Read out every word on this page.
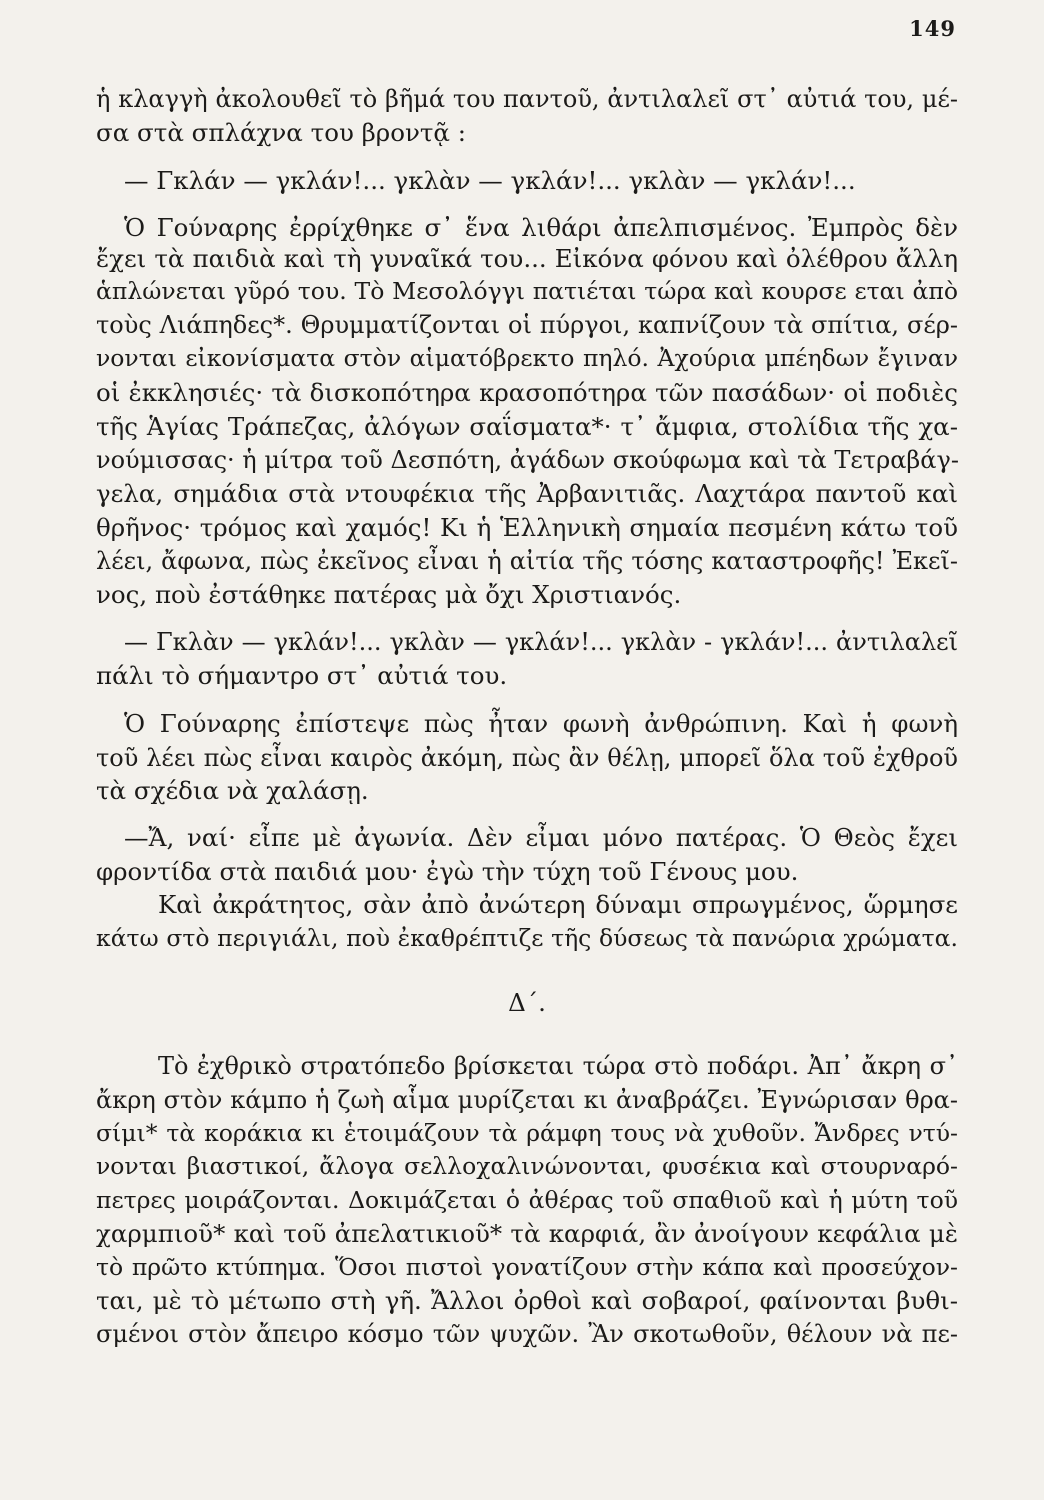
149
ἡ κλαγγὴ ἀκολουθεῖ τὸ βῆμά του παντοῦ, ἀντιλαλεῖ στ᾽ αὐτιά του, μέ-
σα στὰ σπλάχνα του βροντᾷ :
— Γκλάν — γκλάν!... γκλὰν — γκλάν!... γκλὰν — γκλάν!...
Ὁ Γούναρης ἐρρίχθηκε σ᾽ ἕνα λιθάρι ἀπελπισμένος. Ἐμπρὸς δὲν
ἔχει τὰ παιδιὰ καὶ τὴ γυναῖκά του... Εἰκόνα φόνου καὶ ὀλέθρου ἄλλη
ἁπλώνεται γῦρό του. Τὸ Μεσολόγγι πατιέται τώρα καὶ κουρσε εται ἀπὸ
τοὺς Λιάπηδες*. Θρυμματίζονται οἱ πύργοι, καπνίζουν τὰ σπίτια, σέρ-
νονται εἰκονίσματα στὸν αἱματόβρεκτο πηλό. Ἀχούρια μπέηδων ἔγιναν
οἱ ἐκκλησιές· τὰ δισκοπότηρα κρασοπότηρα τῶν πασάδων· οἱ ποδιὲς
τῆς Ἁγίας Τράπεζας, ἀλόγων σαΐσματα*· τ᾽ ἄμφια, στολίδια τῆς χα-
νούμισσας· ἡ μίτρα τοῦ Δεσπότη, ἀγάδων σκούφωμα καὶ τὰ Τετραβάγ-
γελα, σημάδια στὰ ντουφέκια τῆς Ἀρβανιτιᾶς. Λαχτάρα παντοῦ καὶ
θρῆνος· τρόμος καὶ χαμός! Κι ἡ Ἑλληνικὴ σημαία πεσμένη κάτω τοῦ
λέει, ἄφωνα, πὼς ἐκεῖνος εἶναι ἡ αἰτία τῆς τόσης καταστροφῆς! Ἐκεῖ-
νος, ποὺ ἐστάθηκε πατέρας μὰ ὄχι Χριστιανός.
— Γκλὰν — γκλάν!... γκλὰν — γκλάν!... γκλὰν - γκλάν!... ἀντιλαλεῖ
πάλι τὸ σήμαντρο στ᾽ αὐτιά του.
Ὁ Γούναρης ἐπίστεψε πὼς ἦταν φωνὴ ἀνθρώπινη. Καὶ ἡ φωνὴ
τοῦ λέει πὼς εἶναι καιρὸς ἀκόμη, πὼς ἂν θέλῃ, μπορεῖ ὅλα τοῦ ἐχθροῦ
τὰ σχέδια νὰ χαλάσῃ.
—Ἄ, ναί· εἶπε μὲ ἀγωνία. Δὲν εἶμαι μόνο πατέρας. Ὁ Θεὸς ἔχει
φροντίδα στὰ παιδιά μου· ἐγὼ τὴν τύχη τοῦ Γένους μου.
Καὶ ἀκράτητος, σὰν ἀπὸ ἀνώτερη δύναμι σπρωγμένος, ὥρμησε
κάτω στὸ περιγιάλι, ποὺ ἐκαθρέπτιζε τῆς δύσεως τὰ πανώρια χρώματα.
Δ΄.
Τὸ ἐχθρικὸ στρατόπεδο βρίσκεται τώρα στὸ ποδάρι. Ἀπ᾽ ἄκρη σ᾽
ἄκρη στὸν κάμπο ἡ ζωὴ αἷμα μυρίζεται κι ἀναβράζει. Ἐγνώρισαν θρα-
σίμι* τὰ κοράκια κι ἑτοιμάζουν τὰ ράμφη τους νὰ χυθοῦν. Ἄνδρες ντύ-
νονται βιαστικοί, ἄλογα σελλοχαλινώνονται, φυσέκια καὶ στουρναρό-
πετρες μοιράζονται. Δοκιμάζεται ὁ ἀθέρας τοῦ σπαθιοῦ καὶ ἡ μύτη τοῦ
χαρμπιοῦ* καὶ τοῦ ἀπελατικιοῦ* τὰ καρφιά, ἂν ἀνοίγουν κεφάλια μὲ
τὸ πρῶτο κτύπημα. Ὅσοι πιστοὶ γονατίζουν στὴν κάπα καὶ προσεύχον-
ται, μὲ τὸ μέτωπο στὴ γῆ. Ἄλλοι ὀρθοὶ καὶ σοβαροί, φαίνονται βυθι-
σμένοι στὸν ἄπειρο κόσμο τῶν ψυχῶν. Ἂν σκοτωθοῦν, θέλουν νὰ πε-
